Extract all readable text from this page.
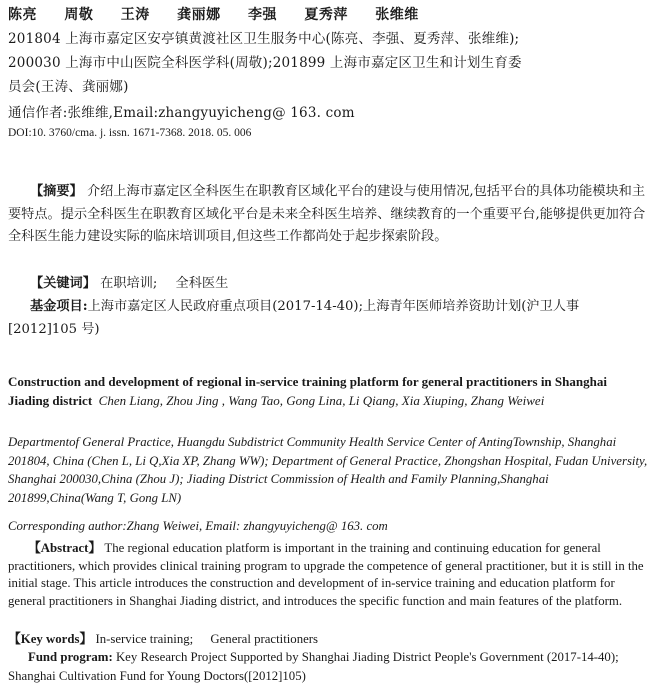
陈亮 周敬 王涛 龚丽娜 李强 夏秀萍 张维维
201804 上海市嘉定区安亭镇黄渡社区卫生服务中心(陈亮、李强、夏秀萍、张维维);
200030 上海市中山医院全科医学科(周敬);201899 上海市嘉定区卫生和计划生育委
员会(王涛、龚丽娜)
通信作者:张维维,Email:zhangyuyicheng@ 163. com
DOI:10. 3760/cma. j. issn. 1671-7368. 2018. 05. 006
【摘要】 介绍上海市嘉定区全科医生在职教育区域化平台的建设与使用情况,包括平台的具体功能模块和主要特点。提示全科医生在职教育区域化平台是未来全科医生培养、继续教育的一个重要平台,能够提供更加符合全科医生能力建设实际的临床培训项目,但这些工作都尚处于起步探索阶段。
【关键词】 在职培训; 全科医生
基金项目:上海市嘉定区人民政府重点项目(2017-14-40);上海青年医师培养资助计划(沪卫人事[2012]105 号)
Construction and development of regional in-service training platform for general practitioners in Shanghai Jiading district Chen Liang, Zhou Jing , Wang Tao, Gong Lina, Li Qiang, Xia Xiuping, Zhang Weiwei
Departmentof General Practice, Huangdu Subdistrict Community Health Service Center of AntingTownship, Shanghai 201804, China (Chen L, Li Q,Xia XP, Zhang WW); Department of General Practice, Zhongshan Hospital, Fudan University, Shanghai 200030,China (Zhou J); Jiading District Commission of Health and Family Planning,Shanghai 201899,China(Wang T, Gong LN)
Corresponding author:Zhang Weiwei, Email: zhangyuyicheng@ 163. com
【Abstract】 The regional education platform is important in the training and continuing education for general practitioners, which provides clinical training program to upgrade the competence of general practitioner, but it is still in the initial stage. This article introduces the construction and development of in-service training and education platform for general practitioners in Shanghai Jiading district, and introduces the specific function and main features of the platform.
【Key words】 In-service training; General practitioners
Fund program: Key Research Project Supported by Shanghai Jiading District People's Government (2017-14-40); Shanghai Cultivation Fund for Young Doctors([2012]105)
